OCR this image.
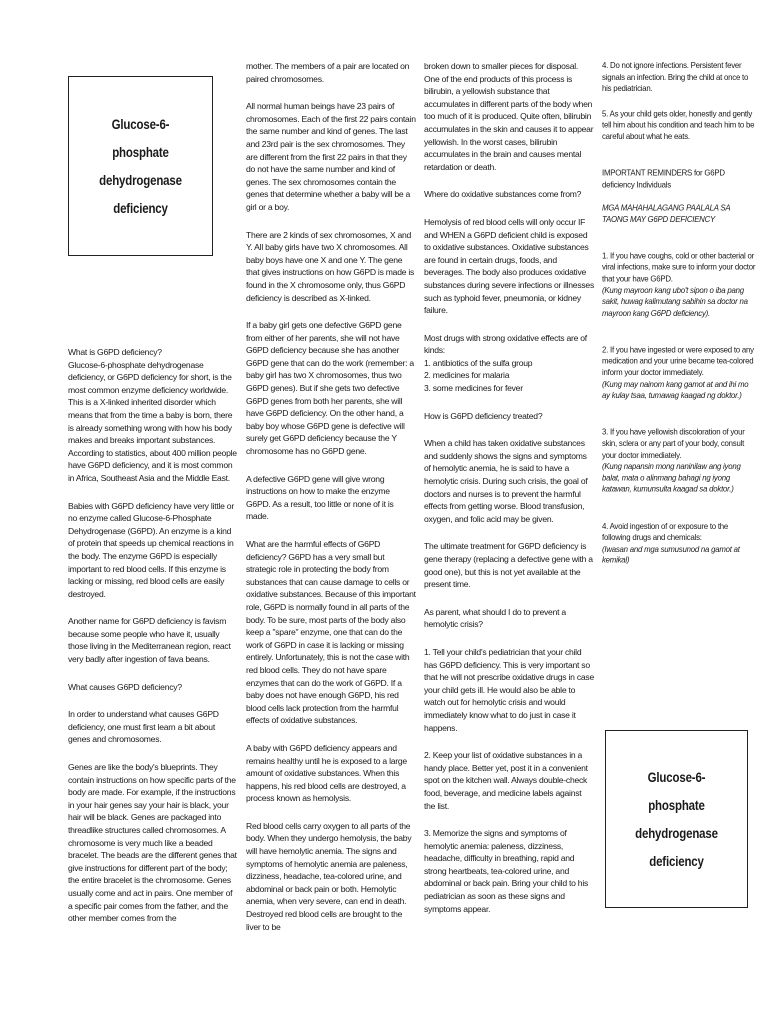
Glucose-6- phosphate
dehydrogenase
deficiency

What is G6PD deficiency?

Glucose-6-phosphate dehydrogenase deficiency, or G6PD deficiency for short, is the most common enzyme deficiency worldwide. This is a X-linked inherited disorder which means that from the time a baby is born, there is already something wrong with how his body makes and breaks important substances. According to statistics, about 400 million people have G6PD deficiency, and it is most common in Africa, Southeast Asia and the Middle East.

Babies with G6PD deficiency have very little or no enzyme called Glucose-6-Phosphate Dehydrogenase (G6PD). An enzyme is a kind of protein that speeds up chemical reactions in the body. The enzyme G6PD is especially important to red blood cells. If this enzyme is lacking or missing, red blood cells are easily destroyed.

Another name for G6PD deficiency is favism because some people who have it, usually those living in the Mediterranean region, react very badly after ingestion of fava beans.

What causes G6PD deficiency?

In order to understand what causes G6PD deficiency, one must first learn a bit about genes and chromosomes.

Genes are like the body's blueprints. They contain instructions on how specific parts of the body are made. For example, if the instructions in your hair genes say your hair is black, your hair will be black. Genes are packaged into threadlike structures called chromosomes. A chromosome is very much like a beaded bracelet. The beads are the different genes that give instructions for different part of the body; the entire bracelet is the chromosome. Genes usually come and act in pairs. One member of a specific pair comes from the father, and the other member comes from the

mother. The members of a pair are located on paired chromosomes.

All normal human beings have 23 pairs of chromosomes. Each of the first 22 pairs contain the same number and kind of genes. The last and 23rd pair is the sex chromosomes. They are different from the first 22 pairs in that they do not have the same number and kind of genes. The sex chromosomes contain the genes that determine whether a baby will be a girl or a boy.

There are 2 kinds of sex chromosomes, X and Y. All baby girls have two X chromosomes. All baby boys have one X and one Y. The gene that gives instructions on how G6PD is made is found in the X chromosome only, thus G6PD deficiency is described as X-linked.

If a baby girl gets one defective G6PD gene from either of her parents, she will not have G6PD deficiency because she has another G6PD gene that can do the work (remember: a baby girl has two X chromosomes, thus two G6PD genes). But if she gets two defective G6PD genes from both her parents, she will have G6PD deficiency. On the other hand, a baby boy whose G6PD gene is defective will surely get G6PD deficiency because the Y chromosome has no G6PD gene.

A defective G6PD gene will give wrong instructions on how to make the enzyme G6PD. As a result, too little or none of it is made.

What are the harmful effects of G6PD deficiency? G6PD has a very small but strategic role in protecting the body from substances that can cause damage to cells or oxidative substances. Because of this important role, G6PD is normally found in all parts of the body. To be sure, most parts of the body also keep a "spare" enzyme, one that can do the work of G6PD in case it is lacking or missing entirely. Unfortunately, this is not the case with red blood cells. They do not have spare enzymes that can do the work of G6PD. If a baby does not have enough G6PD, his red blood cells lack protection from the harmful effects of oxidative substances.

A baby with G6PD deficiency appears and remains healthy until he is exposed to a large amount of oxidative substances. When this happens, his red blood cells are destroyed, a process known as hemolysis.

Red blood cells carry oxygen to all parts of the body. When they undergo hemolysis, the baby will have hemolytic anemia. The signs and symptoms of hemolytic anemia are paleness, dizziness, headache, tea-colored urine, and abdominal or back pain or both. Hemolytic anemia, when very severe, can end in death. Destroyed red blood cells are brought to the liver to be

broken down to smaller pieces for disposal. One of the end products of this process is bilirubin, a yellowish substance that accumulates in different parts of the body when too much of it is produced. Quite often, bilirubin accumulates in the skin and causes it to appear yellowish. In the worst cases, bilirubin accumulates in the brain and causes mental retardation or death.

Where do oxidative substances come from?

Hemolysis of red blood cells will only occur IF and WHEN a G6PD deficient child is exposed to oxidative substances. Oxidative substances are found in certain drugs, foods, and beverages. The body also produces oxidative substances during severe infections or illnesses such as typhoid fever, pneumonia, or kidney failure.

Most drugs with strong oxidative effects are of kinds:
1. antibiotics of the sulfa group
2. medicines for malaria
3. some medicines for fever

How is G6PD deficiency treated?

When a child has taken oxidative substances and suddenly shows the signs and symptoms of hemolytic anemia, he is said to have a hemolytic crisis. During such crisis, the goal of doctors and nurses is to prevent the harmful effects from getting worse. Blood transfusion, oxygen, and folic acid may be given.

The ultimate treatment for G6PD deficiency is gene therapy (replacing a defective gene with a good one), but this is not yet available at the present time.

As parent, what should I do to prevent a hemolytic crisis?

1. Tell your child's pediatrician that your child has G6PD deficiency. This is very important so that he will not prescribe oxidative drugs in case your child gets ill. He would also be able to watch out for hemolytic crisis and would immediately know what to do just in case it happens.

2. Keep your list of oxidative substances in a handy place. Better yet, post it in a convenient spot on the kitchen wall. Always double-check food, beverage, and medicine labels against the list.

3. Memorize the signs and symptoms of hemolytic anemia: paleness, dizziness, headache, difficulty in breathing, rapid and strong heartbeats, tea-colored urine, and abdominal or back pain. Bring your child to his pediatrician as soon as these signs and symptoms appear.

4. Do not ignore infections. Persistent fever signals an infection. Bring the child at once to his pediatrician.

5. As your child gets older, honestly and gently tell him about his condition and teach him to be careful about what he eats.

IMPORTANT REMINDERS for G6PD deficiency Individuals

MGA MAHAHALAGANG PAALALA SA TAONG MAY G6PD DEFICIENCY

1. If you have coughs, cold or other bacterial or viral infections, make sure to inform your doctor that your have G6PD.
(Kung mayroon kang ubo't sipon o iba pang sakit, huwag kalimutang sabihin sa doctor na mayroon kang G6PD deficiency).

2. If you have ingested or were exposed to any medication and your urine became tea-colored inform your doctor immediately.
(Kung may nainom kang gamot at and ihi mo ay kulay tsaa, tumawag kaagad ng doktor.)

3. If you have yellowish discoloration of your skin, sclera or any part of your body, consult your doctor immediately.
(Kung napansin mong naninilaw ang iyong balat, mata o alinmang bahagi ng iyong katawan, kumunsulta kaagad sa doktor.)

4. Avoid ingestion of or exposure to the following drugs and chemicals:
(Iwasan and mga sumusunod na gamot at kemikal)

Glucose-6- phosphate
dehydrogenase
deficiency
